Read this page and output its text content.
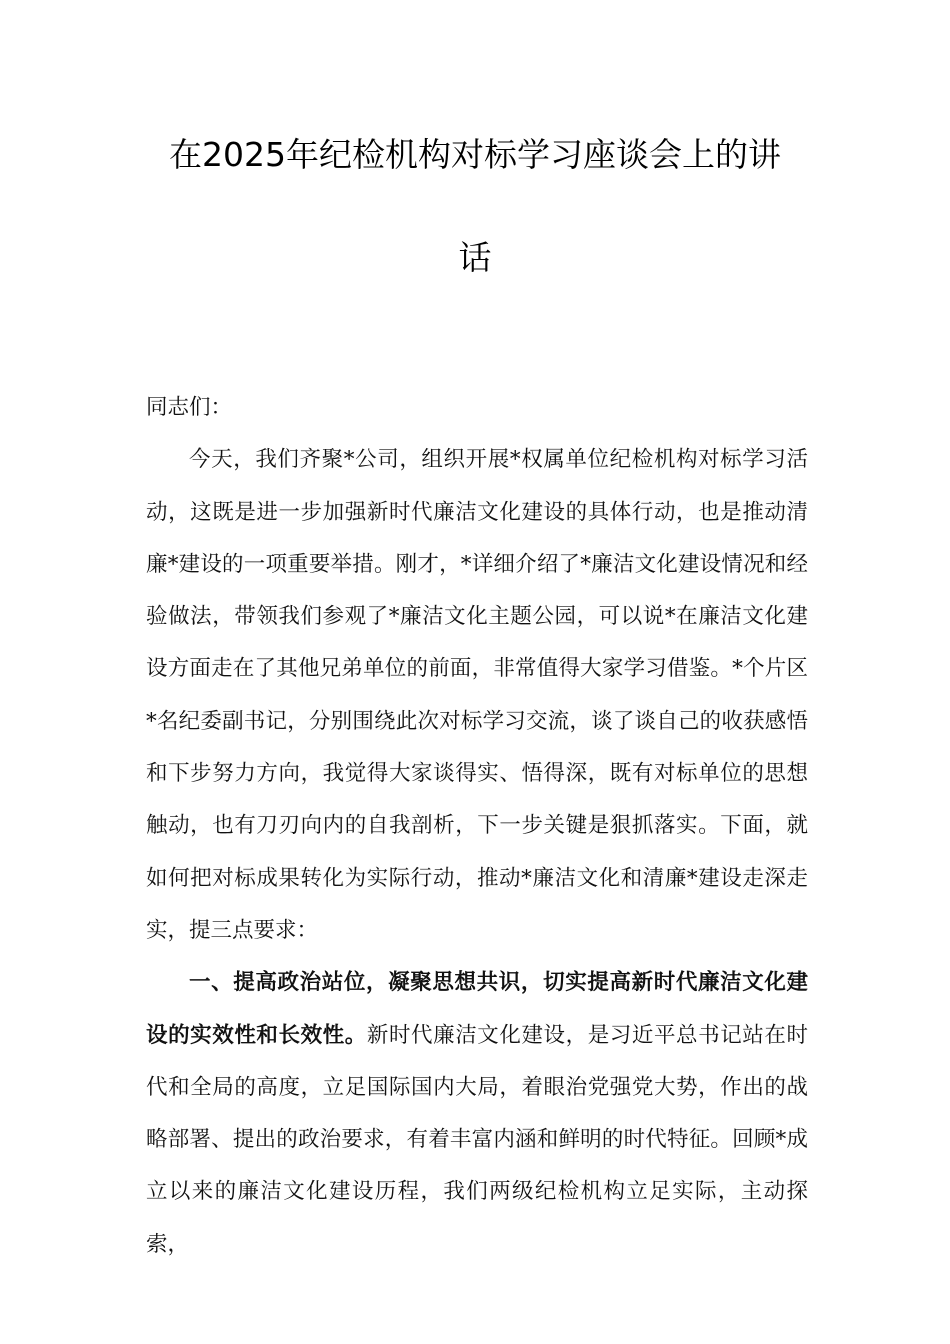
在2025年纪检机构对标学习座谈会上的讲
话

同志们：

今天，我们齐聚*公司，组织开展*权属单位纪检机构对标学习活动，这既是进一步加强新时代廉洁文化建设的具体行动，也是推动清廉*建设的一项重要举措。刚才，*详细介绍了*廉洁文化建设情况和经验做法，带领我们参观了*廉洁文化主题公园，可以说*在廉洁文化建设方面走在了其他兄弟单位的前面，非常值得大家学习借鉴。*个片区*名纪委副书记，分别围绕此次对标学习交流，谈了谈自己的收获感悟和下步努力方向，我觉得大家谈得实、悟得深，既有对标单位的思想触动，也有刀刃向内的自我剖析，下一步关键是狠抓落实。下面，就如何把对标成果转化为实际行动，推动*廉洁文化和清廉*建设走深走实，提三点要求：

一、提高政治站位，凝聚思想共识，切实提高新时代廉洁文化建设的实效性和长效性。新时代廉洁文化建设，是习近平总书记站在时代和全局的高度，立足国际国内大局，着眼治党强党大势，作出的战略部署、提出的政治要求，有着丰富内涵和鲜明的时代特征。回顾*成立以来的廉洁文化建设历程，我们两级纪检机构立足实际，主动探索，
